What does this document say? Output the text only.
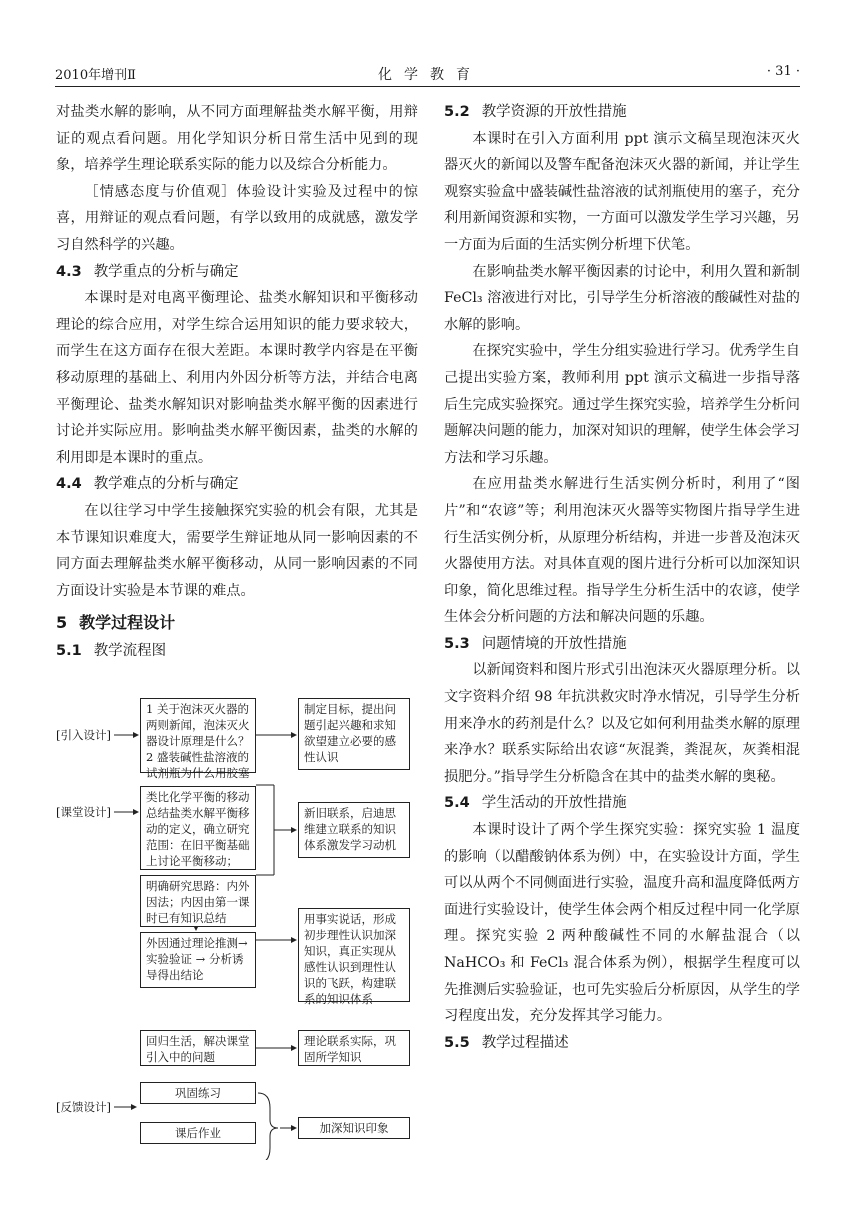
2010年增刊Ⅱ	化学教育	· 31 ·

对盐类水解的影响，从不同方面理解盐类水解平衡，用辩证的观点看问题。用化学知识分析日常生活中见到的现象，培养学生理论联系实际的能力以及综合分析能力。

［情感态度与价值观］体验设计实验及过程中的惊喜，用辩证的观点看问题，有学以致用的成就感，激发学习自然科学的兴趣。

4.3 教学重点的分析与确定

本课时是对电离平衡理论、盐类水解知识和平衡移动理论的综合应用，对学生综合运用知识的能力要求较大，而学生在这方面存在很大差距。本课时教学内容是在平衡移动原理的基础上、利用内外因分析等方法，并结合电离平衡理论、盐类水解知识对影响盐类水解平衡的因素进行讨论并实际应用。影响盐类水解平衡因素，盐类的水解的利用即是本课时的重点。

4.4 教学难点的分析与确定

在以往学习中学生接触探究实验的机会有限，尤其是本节课知识难度大，需要学生辩证地从同一影响因素的不同方面去理解盐类水解平衡移动，从同一影响因素的不同方面设计实验是本节课的难点。

5 教学过程设计
5.1 教学流程图
[引入设计]
[课堂设计]
[反馈设计]
1 关于泡沫灭火器的两则新闻，泡沫灭火器设计原理是什么？2 盛装碱性盐溶液的试剂瓶为什么用胶塞
制定目标，提出问题引起兴趣和求知欲望建立必要的感性认识
类比化学平衡的移动总结盐类水解平衡移动的定义，确立研究范围：在旧平衡基础上讨论平衡移动；
新旧联系，启迪思维建立联系的知识体系激发学习动机
明确研究思路：内外因法；内因由第一课时已有知识总结
外因通过理论推测→实验验证 → 分析诱导得出结论
用事实说话，形成初步理性认识加深知识，真正实现从感性认识到理性认识的飞跃，构建联系的知识体系
回归生活，解决课堂引入中的问题
理论联系实际，巩固所学知识
巩固练习
课后作业	加深知识印象
5.2 教学资源的开放性措施

本课时在引入方面利用 ppt 演示文稿呈现泡沫灭火器灭火的新闻以及警车配备泡沫灭火器的新闻，并让学生观察实验盒中盛装碱性盐溶液的试剂瓶使用的塞子，充分利用新闻资源和实物，一方面可以激发学生学习兴趣，另一方面为后面的生活实例分析埋下伏笔。

在影响盐类水解平衡因素的讨论中，利用久置和新制 FeCl₃ 溶液进行对比，引导学生分析溶液的酸碱性对盐的水解的影响。

在探究实验中，学生分组实验进行学习。优秀学生自己提出实验方案，教师利用 ppt 演示文稿进一步指导落后生完成实验探究。通过学生探究实验，培养学生分析问题解决问题的能力，加深对知识的理解，使学生体会学习方法和学习乐趣。

在应用盐类水解进行生活实例分析时，利用了“图片”和“农谚”等；利用泡沫灭火器等实物图片指导学生进行生活实例分析，从原理分析结构，并进一步普及泡沫灭火器使用方法。对具体直观的图片进行分析可以加深知识印象，简化思维过程。指导学生分析生活中的农谚，使学生体会分析问题的方法和解决问题的乐趣。

5.3 问题情境的开放性措施

以新闻资料和图片形式引出泡沫灭火器原理分析。以文字资料介绍 98 年抗洪救灾时净水情况，引导学生分析用来净水的药剂是什么？以及它如何利用盐类水解的原理来净水？联系实际给出农谚“灰混粪，粪混灰，灰粪相混损肥分。”指导学生分析隐含在其中的盐类水解的奥秘。

5.4 学生活动的开放性措施

本课时设计了两个学生探究实验：探究实验 1 温度的影响（以醋酸钠体系为例）中，在实验设计方面，学生可以从两个不同侧面进行实验，温度升高和温度降低两方面进行实验设计，使学生体会两个相反过程中同一化学原理。探究实验 2 两种酸碱性不同的水解盐混合（以 NaHCO₃ 和 FeCl₃ 混合体系为例），根据学生程度可以先推测后实验验证，也可先实验后分析原因，从学生的学习程度出发，充分发挥其学习能力。

5.5 教学过程描述
